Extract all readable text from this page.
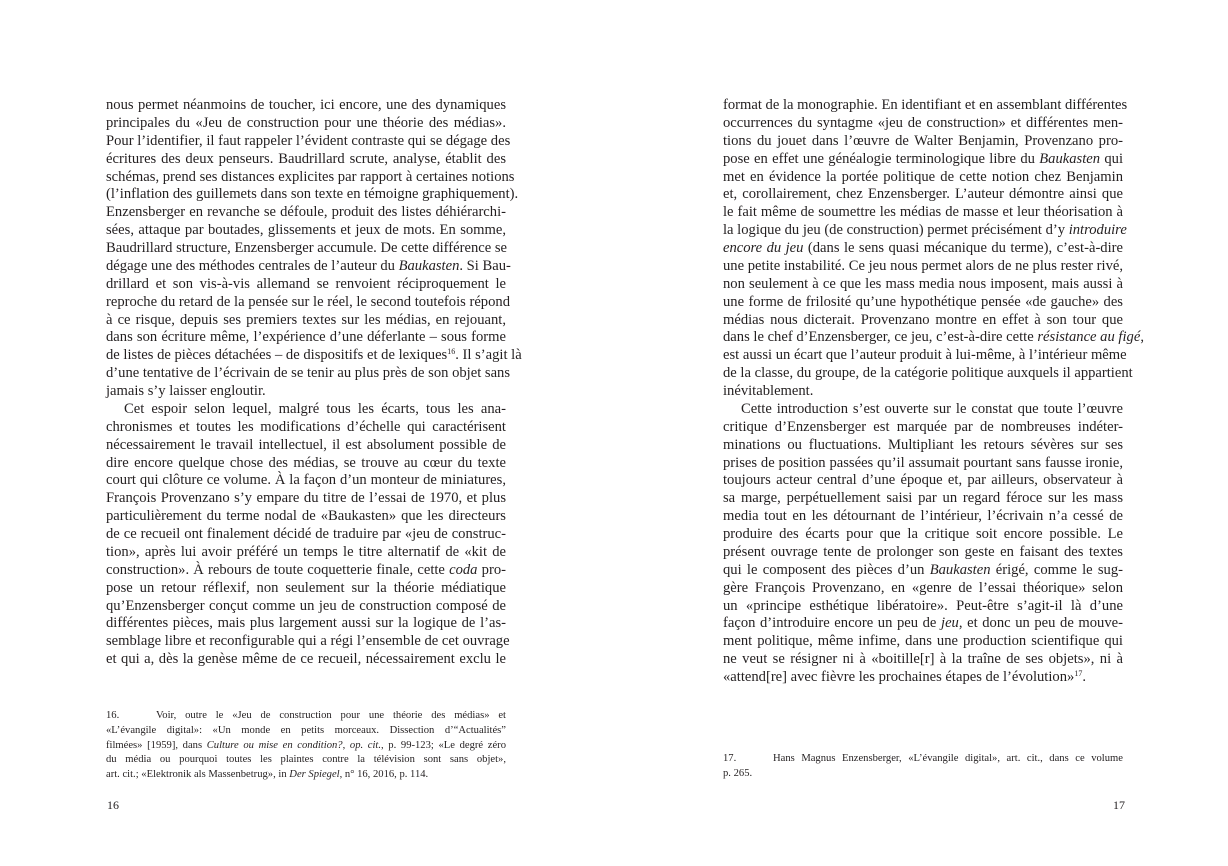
nous permet néanmoins de toucher, ici encore, une des dynamiques
principales du «Jeu de construction pour une théorie des médias».
Pour l’identifier, il faut rappeler l’évident contraste qui se dégage des
écritures des deux penseurs. Baudrillard scrute, analyse, établit des
schémas, prend ses distances explicites par rapport à certaines notions
(l’inflation des guillemets dans son texte en témoigne graphiquement).
Enzensberger en revanche se défoule, produit des listes déhiérarchi-
sées, attaque par boutades, glissements et jeux de mots. En somme,
Baudrillard structure, Enzensberger accumule. De cette différence se
dégage une des méthodes centrales de l’auteur du Baukasten. Si Bau-
drillard et son vis-à-vis allemand se renvoient réciproquement le
reproche du retard de la pensée sur le réel, le second toutefois répond
à ce risque, depuis ses premiers textes sur les médias, en rejouant,
dans son écriture même, l’expérience d’une déferlante – sous forme
de listes de pièces détachées – de dispositifs et de lexiques$^{16}$. Il s’agit là
d’une tentative de l’écrivain de se tenir au plus près de son objet sans
jamais s’y laisser engloutir.
Cet espoir selon lequel, malgré tous les écarts, tous les ana-
chronismes et toutes les modifications d’échelle qui caractérisent
nécessairement le travail intellectuel, il est absolument possible de
dire encore quelque chose des médias, se trouve au cœur du texte
court qui clôture ce volume. À la façon d’un monteur de miniatures,
François Provenzano s’y empare du titre de l’essai de 1970, et plus
particulièrement du terme nodal de «Baukasten» que les directeurs
de ce recueil ont finalement décidé de traduire par «jeu de construc-
tion», après lui avoir préféré un temps le titre alternatif de «kit de
construction». À rebours de toute coquetterie finale, cette coda pro-
pose un retour réflexif, non seulement sur la théorie médiatique
qu’Enzensberger conçut comme un jeu de construction composé de
différentes pièces, mais plus largement aussi sur la logique de l’as-
semblage libre et reconfigurable qui a régi l’ensemble de cet ouvrage
et qui a, dès la genèse même de ce recueil, nécessairement exclu le
16.	Voir, outre le «Jeu de construction pour une théorie des médias» et
«L’évangile digital»: «Un monde en petits morceaux. Dissection d’“Actualités”
filmées» [1959], dans Culture ou mise en condition?, op. cit., p. 99-123; «Le degré zéro
du média ou pourquoi toutes les plaintes contre la télévision sont sans objet»,
art. cit.; «Elektronik als Massenbetrug», in Der Spiegel, n° 16, 2016, p. 114.
16
format de la monographie. En identifiant et en assemblant différentes
occurrences du syntagme «jeu de construction» et différentes men-
tions du jouet dans l’œuvre de Walter Benjamin, Provenzano pro-
pose en effet une généalogie terminologique libre du Baukasten qui
met en évidence la portée politique de cette notion chez Benjamin
et, corollairement, chez Enzensberger. L’auteur démontre ainsi que
le fait même de soumettre les médias de masse et leur théorisation à
la logique du jeu (de construction) permet précisément d’y introduire
encore du jeu (dans le sens quasi mécanique du terme), c’est-à-dire
une petite instabilité. Ce jeu nous permet alors de ne plus rester rivé,
non seulement à ce que les mass media nous imposent, mais aussi à
une forme de frilosité qu’une hypothétique pensée «de gauche» des
médias nous dicterait. Provenzano montre en effet à son tour que
dans le chef d’Enzensberger, ce jeu, c’est-à-dire cette résistance au figé,
est aussi un écart que l’auteur produit à lui-même, à l’intérieur même
de la classe, du groupe, de la catégorie politique auxquels il appartient
inévitablement.
Cette introduction s’est ouverte sur le constat que toute l’œuvre
critique d’Enzensberger est marquée par de nombreuses indéter-
minations ou fluctuations. Multipliant les retours sévères sur ses
prises de position passées qu’il assumait pourtant sans fausse ironie,
toujours acteur central d’une époque et, par ailleurs, observateur à
sa marge, perpétuellement saisi par un regard féroce sur les mass
media tout en les détournant de l’intérieur, l’écrivain n’a cessé de
produire des écarts pour que la critique soit encore possible. Le
présent ouvrage tente de prolonger son geste en faisant des textes
qui le composent des pièces d’un Baukasten érigé, comme le sug-
gère François Provenzano, en «genre de l’essai théorique» selon
un «principe esthétique libératoire». Peut-être s’agit-il là d’une
façon d’introduire encore un peu de jeu, et donc un peu de mouve-
ment politique, même infime, dans une production scientifique qui
ne veut se résigner ni à «boitille[r] à la traîne de ses objets», ni à
«attend[re] avec fièvre les prochaines étapes de l’évolution»$^{17}$.
17.	Hans Magnus Enzensberger, «L’évangile digital», art. cit., dans ce volume
p. 265.
17
